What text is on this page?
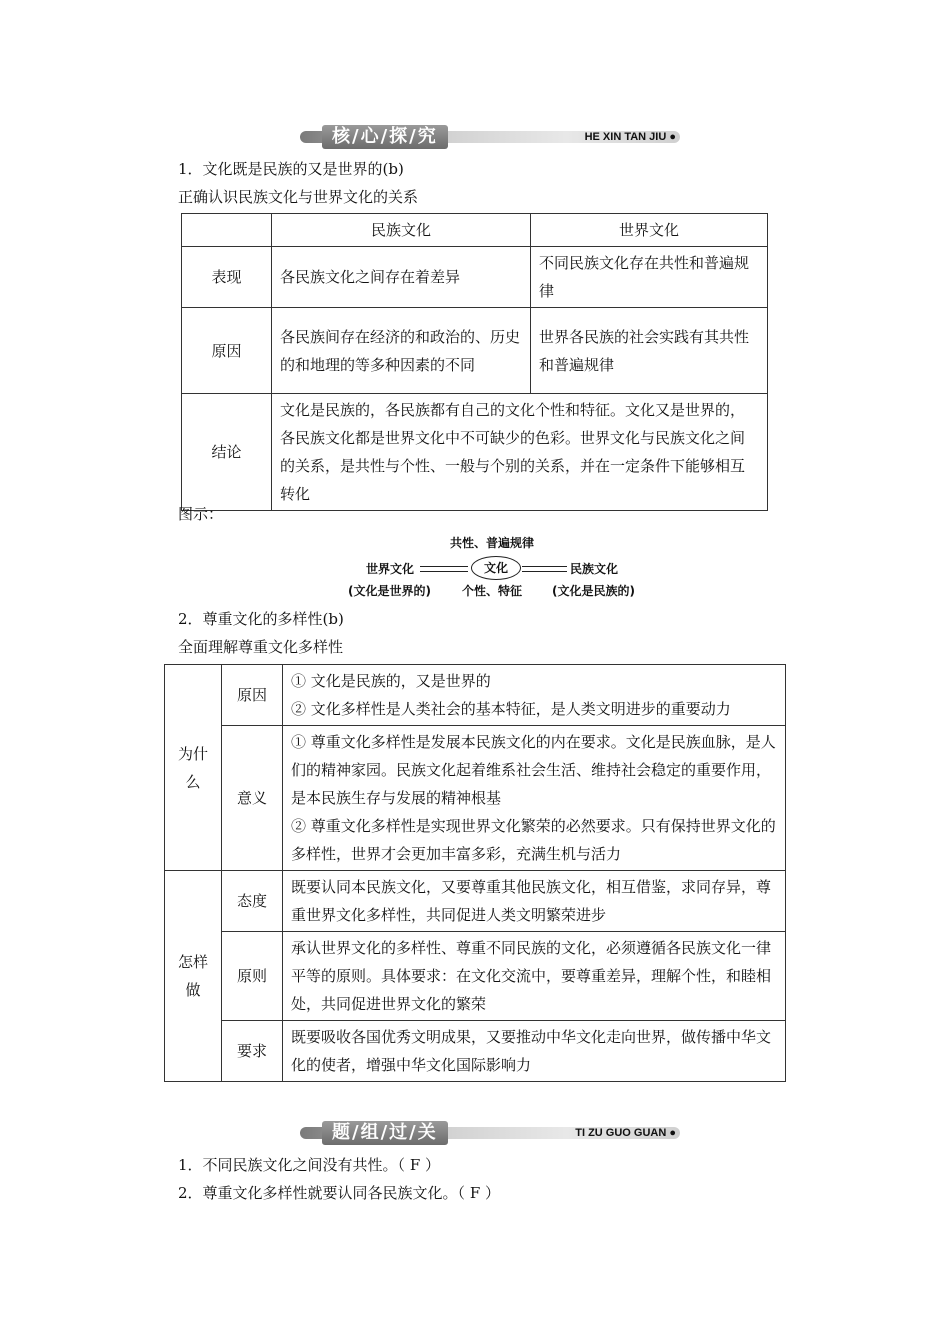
核/心/探/究	HE XIN TAN JIU ●
1．文化既是民族的又是世界的(b)
正确认识民族文化与世界文化的关系
	民族文化	世界文化
表现	各民族文化之间存在着差异	不同民族文化存在共性和普遍规律
原因	各民族间存在经济的和政治的、历史的和地理的等多种因素的不同	世界各民族的社会实践有其共性和普遍规律
结论	文化是民族的，各民族都有自己的文化个性和特征。文化又是世界的，各民族文化都是世界文化中不可缺少的色彩。世界文化与民族文化之间的关系，是共性与个性、一般与个别的关系，并在一定条件下能够相互转化	
图示：
共性、普遍规律
世界文化	文化	民族文化
(文化是世界的)	个性、特征 (文化是民族的)
2．尊重文化的多样性(b)
全面理解尊重文化多样性
为什么	原因	① 文化是民族的，又是世界的
② 文化多样性是人类社会的基本特征，是人类文明进步的重要动力

	意义	① 尊重文化多样性是发展本民族文化的内在要求。文化是民族血脉，是人们的精神家园。民族文化起着维系社会生活、维持社会稳定的重要作用，是本民族生存与发展的精神根基
② 尊重文化多样性是实现世界文化繁荣的必然要求。只有保持世界文化的多样性，世界才会更加丰富多彩，充满生机与活力

怎样做	态度	既要认同本民族文化，又要尊重其他民族文化，相互借鉴，求同存异，尊重世界文化多样性，共同促进人类文明繁荣进步

	原则	承认世界文化的多样性、尊重不同民族的文化，必须遵循各民族文化一律平等的原则。具体要求：在文化交流中，要尊重差异，理解个性，和睦相处，共同促进世界文化的繁荣

	要求	既要吸收各国优秀文明成果，又要推动中华文化走向世界，做传播中华文化的使者，增强中华文化国际影响力
题/组/过/关	TI ZU GUO GUAN ●
1．不同民族文化之间没有共性。（ F ）
2．尊重文化多样性就要认同各民族文化。（ F ）
